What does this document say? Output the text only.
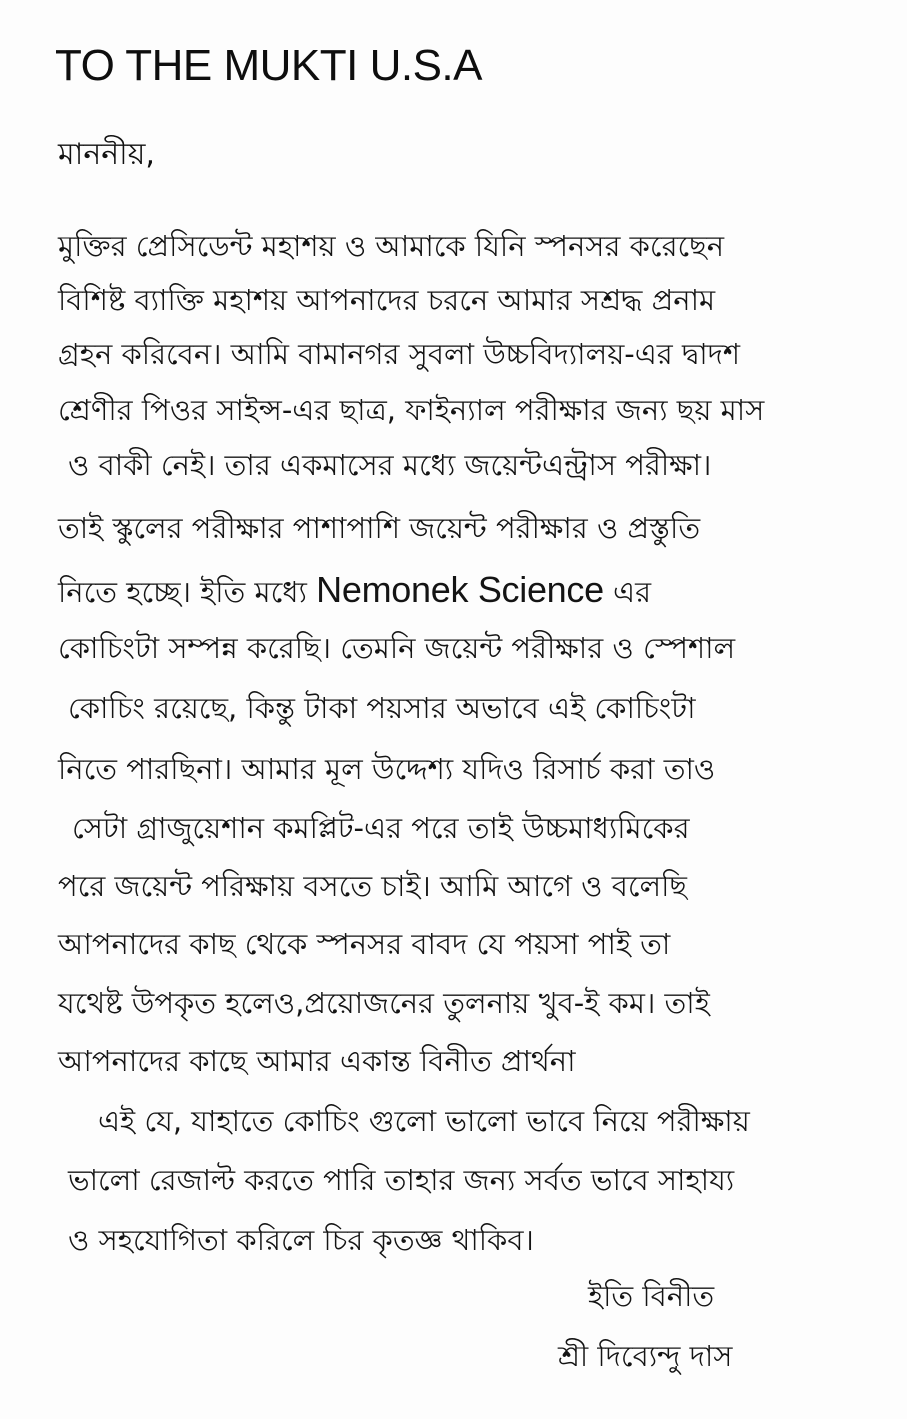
TO THE MUKTI U.S.A
মাননীয়,
মুক্তির প্রেসিডেন্ট মহাশয় ও আমাকে যিনি স্পনসর করেছেন
বিশিষ্ট ব্যাক্তি মহাশয় আপনাদের চরনে আমার সশ্রদ্ধ প্রনাম
গ্রহন করিবেন। আমি বামানগর সুবলা উচ্চবিদ্যালয়-এর দ্বাদশ
শ্রেণীর পিওর সাইন্স-এর ছাত্র, ফাইন্যাল পরীক্ষার জন্য ছয় মাস
ও বাকী নেই। তার একমাসের মধ্যে জয়েন্টএন্ট্রাস পরীক্ষা।
তাই স্কুলের পরীক্ষার পাশাপাশি জয়েন্ট পরীক্ষার ও প্রস্তুতি
নিতে হচ্ছে। ইতি মধ্যে Nemonek Science এর
কোচিংটা সম্পন্ন করেছি। তেমনি জয়েন্ট পরীক্ষার ও স্পেশাল
কোচিং রয়েছে, কিন্তু টাকা পয়সার অভাবে এই কোচিংটা
নিতে পারছিনা। আমার মূল উদ্দেশ্য যদিও রিসার্চ করা তাও
সেটা গ্রাজুয়েশান কমপ্লিট-এর পরে তাই উচ্চমাধ্যমিকের
পরে জয়েন্ট পরিক্ষায় বসতে চাই। আমি আগে ও বলেছি
আপনাদের কাছ থেকে স্পনসর বাবদ যে পয়সা পাই তা
যথেষ্ট উপকৃত হলেও,প্রয়োজনের তুলনায় খুব-ই কম। তাই
আপনাদের কাছে আমার একান্ত বিনীত প্রার্থনা
এই যে, যাহাতে কোচিং গুলো ভালো ভাবে নিয়ে পরীক্ষায়
ভালো রেজাল্ট করতে পারি তাহার জন্য সর্বত ভাবে সাহায্য
ও সহযোগিতা করিলে চির কৃতজ্ঞ থাকিব।
ইতি বিনীত
শ্রী দিব্যেন্দু দাস
